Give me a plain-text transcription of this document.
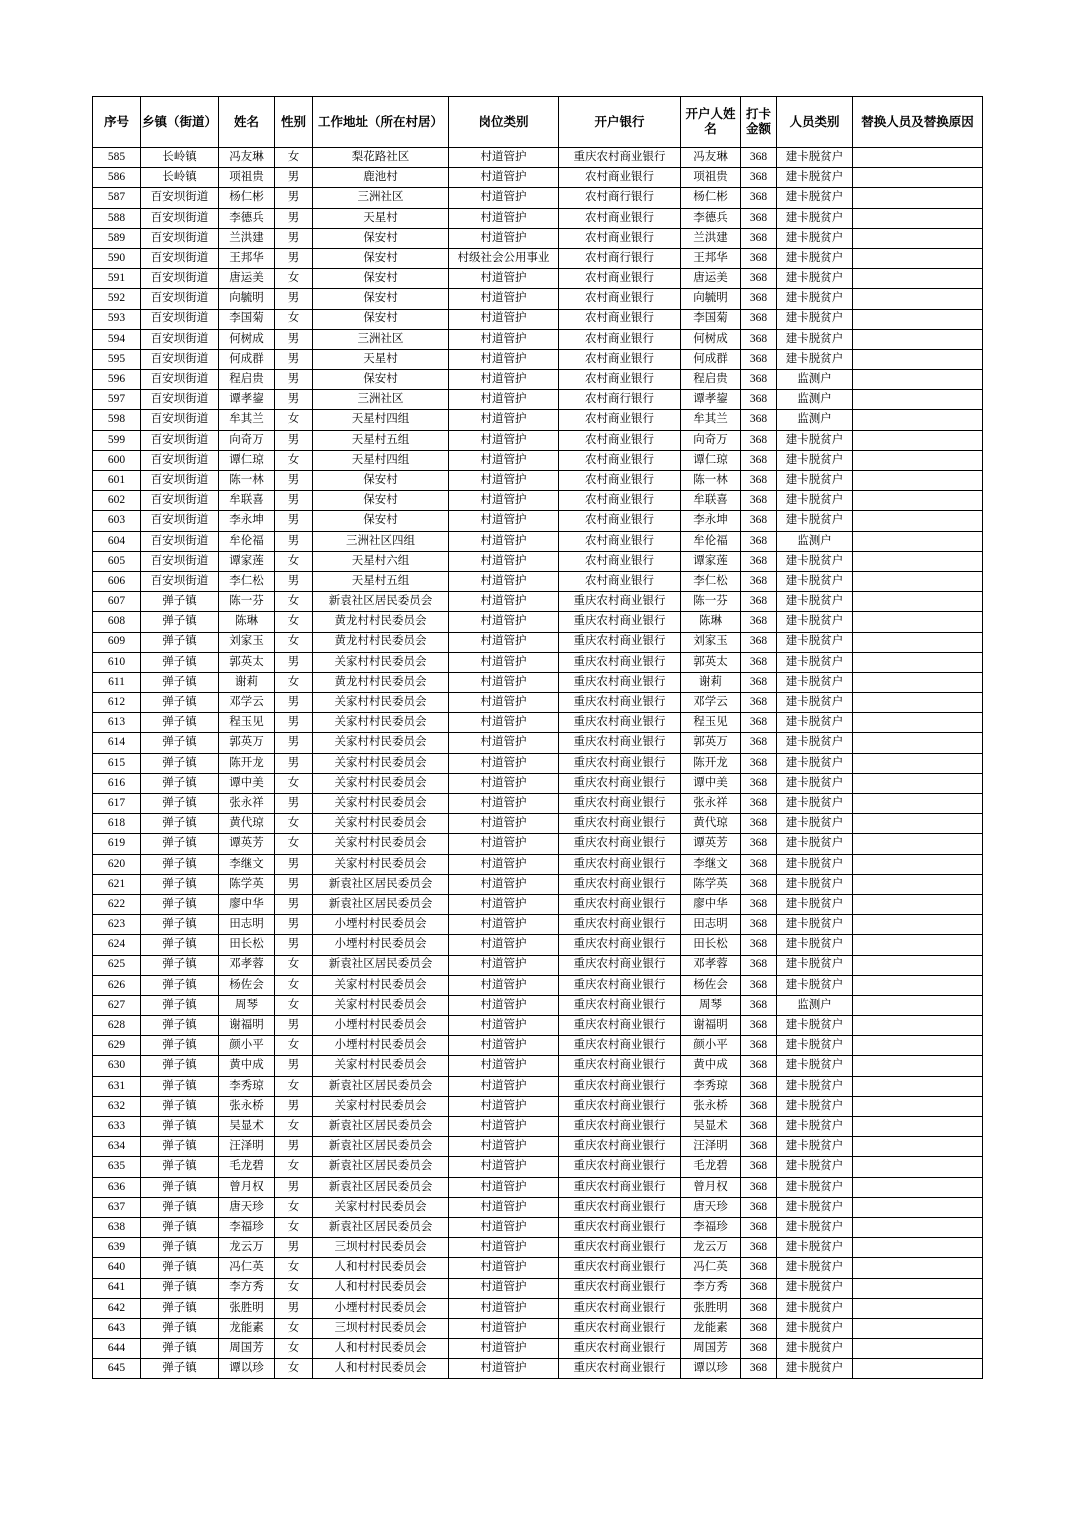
序号	乡镇（街道）	姓名	性别	工作地址（所在村居）	岗位类别	开户银行	开户人姓名	打卡金额	人员类别	替换人员及替换原因
585	长岭镇	冯友琳	女	梨花路社区	村道管护	重庆农村商业银行	冯友琳	368	建卡脱贫户	
586	长岭镇	项祖贵	男	鹿池村	村道管护	农村商业银行	项祖贵	368	建卡脱贫户	
587	百安坝街道	杨仁彬	男	三洲社区	村道管护	农村商行银行	杨仁彬	368	建卡脱贫户	
588	百安坝街道	李德兵	男	天星村	村道管护	农村商业银行	李德兵	368	建卡脱贫户	
589	百安坝街道	兰洪建	男	保安村	村道管护	农村商业银行	兰洪建	368	建卡脱贫户	
590	百安坝街道	王邦华	男	保安村	村级社会公用事业	农村商行银行	王邦华	368	建卡脱贫户	
591	百安坝街道	唐运美	女	保安村	村道管护	农村商业银行	唐运美	368	建卡脱贫户	
592	百安坝街道	向毓明	男	保安村	村道管护	农村商业银行	向毓明	368	建卡脱贫户	
593	百安坝街道	李国菊	女	保安村	村道管护	农村商业银行	李国菊	368	建卡脱贫户	
594	百安坝街道	何树成	男	三洲社区	村道管护	农村商业银行	何树成	368	建卡脱贫户	
595	百安坝街道	何成群	男	天星村	村道管护	农村商业银行	何成群	368	建卡脱贫户	
596	百安坝街道	程启贵	男	保安村	村道管护	农村商业银行	程启贵	368	监测户	
597	百安坝街道	谭孝鋆	男	三洲社区	村道管护	农村商行银行	谭孝鋆	368	监测户	
598	百安坝街道	牟其兰	女	天星村四组	村道管护	农村商业银行	牟其兰	368	监测户	
599	百安坝街道	向奇万	男	天星村五组	村道管护	农村商业银行	向奇万	368	建卡脱贫户	
600	百安坝街道	谭仁琼	女	天星村四组	村道管护	农村商业银行	谭仁琼	368	建卡脱贫户	
601	百安坝街道	陈一林	男	保安村	村道管护	农村商业银行	陈一林	368	建卡脱贫户	
602	百安坝街道	牟联喜	男	保安村	村道管护	农村商业银行	牟联喜	368	建卡脱贫户	
603	百安坝街道	李永坤	男	保安村	村道管护	农村商业银行	李永坤	368	建卡脱贫户	
604	百安坝街道	牟伦福	男	三洲社区四组	村道管护	农村商业银行	牟伦福	368	监测户	
605	百安坝街道	谭家莲	女	天星村六组	村道管护	农村商业银行	谭家莲	368	建卡脱贫户	
606	百安坝街道	李仁松	男	天星村五组	村道管护	农村商业银行	李仁松	368	建卡脱贫户	
607	弹子镇	陈一芬	女	新袁社区居民委员会	村道管护	重庆农村商业银行	陈一芬	368	建卡脱贫户	
608	弹子镇	陈琳	女	黄龙村村民委员会	村道管护	重庆农村商业银行	陈琳	368	建卡脱贫户	
609	弹子镇	刘家玉	女	黄龙村村民委员会	村道管护	重庆农村商业银行	刘家玉	368	建卡脱贫户	
610	弹子镇	郭英太	男	关家村村民委员会	村道管护	重庆农村商业银行	郭英太	368	建卡脱贫户	
611	弹子镇	谢莉	女	黄龙村村民委员会	村道管护	重庆农村商业银行	谢莉	368	建卡脱贫户	
612	弹子镇	邓学云	男	关家村村民委员会	村道管护	重庆农村商业银行	邓学云	368	建卡脱贫户	
613	弹子镇	程玉见	男	关家村村民委员会	村道管护	重庆农村商业银行	程玉见	368	建卡脱贫户	
614	弹子镇	郭英万	男	关家村村民委员会	村道管护	重庆农村商业银行	郭英万	368	建卡脱贫户	
615	弹子镇	陈开龙	男	关家村村民委员会	村道管护	重庆农村商业银行	陈开龙	368	建卡脱贫户	
616	弹子镇	谭中美	女	关家村村民委员会	村道管护	重庆农村商业银行	谭中美	368	建卡脱贫户	
617	弹子镇	张永祥	男	关家村村民委员会	村道管护	重庆农村商业银行	张永祥	368	建卡脱贫户	
618	弹子镇	黄代琼	女	关家村村民委员会	村道管护	重庆农村商业银行	黄代琼	368	建卡脱贫户	
619	弹子镇	谭英芳	女	关家村村民委员会	村道管护	重庆农村商业银行	谭英芳	368	建卡脱贫户	
620	弹子镇	李继文	男	关家村村民委员会	村道管护	重庆农村商业银行	李继文	368	建卡脱贫户	
621	弹子镇	陈学英	男	新袁社区居民委员会	村道管护	重庆农村商业银行	陈学英	368	建卡脱贫户	
622	弹子镇	廖中华	男	新袁社区居民委员会	村道管护	重庆农村商业银行	廖中华	368	建卡脱贫户	
623	弹子镇	田志明	男	小堙村村民委员会	村道管护	重庆农村商业银行	田志明	368	建卡脱贫户	
624	弹子镇	田长松	男	小堙村村民委员会	村道管护	重庆农村商业银行	田长松	368	建卡脱贫户	
625	弹子镇	邓孝蓉	女	新袁社区居民委员会	村道管护	重庆农村商业银行	邓孝蓉	368	建卡脱贫户	
626	弹子镇	杨佐会	女	关家村村民委员会	村道管护	重庆农村商业银行	杨佐会	368	建卡脱贫户	
627	弹子镇	周琴	女	关家村村民委员会	村道管护	重庆农村商业银行	周琴	368	监测户	
628	弹子镇	谢福明	男	小堙村村民委员会	村道管护	重庆农村商业银行	谢福明	368	建卡脱贫户	
629	弹子镇	颜小平	女	小堙村村民委员会	村道管护	重庆农村商业银行	颜小平	368	建卡脱贫户	
630	弹子镇	黄中成	男	关家村村民委员会	村道管护	重庆农村商业银行	黄中成	368	建卡脱贫户	
631	弹子镇	李秀琼	女	新袁社区居民委员会	村道管护	重庆农村商业银行	李秀琼	368	建卡脱贫户	
632	弹子镇	张永桥	男	关家村村民委员会	村道管护	重庆农村商业银行	张永桥	368	建卡脱贫户	
633	弹子镇	吴显术	女	新袁社区居民委员会	村道管护	重庆农村商业银行	吴显术	368	建卡脱贫户	
634	弹子镇	汪泽明	男	新袁社区居民委员会	村道管护	重庆农村商业银行	汪泽明	368	建卡脱贫户	
635	弹子镇	毛龙碧	女	新袁社区居民委员会	村道管护	重庆农村商业银行	毛龙碧	368	建卡脱贫户	
636	弹子镇	曾月权	男	新袁社区居民委员会	村道管护	重庆农村商业银行	曾月权	368	建卡脱贫户	
637	弹子镇	唐天珍	女	关家村村民委员会	村道管护	重庆农村商业银行	唐天珍	368	建卡脱贫户	
638	弹子镇	李福珍	女	新袁社区居民委员会	村道管护	重庆农村商业银行	李福珍	368	建卡脱贫户	
639	弹子镇	龙云万	男	三坝村村民委员会	村道管护	重庆农村商业银行	龙云万	368	建卡脱贫户	
640	弹子镇	冯仁英	女	人和村村民委员会	村道管护	重庆农村商业银行	冯仁英	368	建卡脱贫户	
641	弹子镇	李方秀	女	人和村村民委员会	村道管护	重庆农村商业银行	李方秀	368	建卡脱贫户	
642	弹子镇	张胜明	男	小堙村村民委员会	村道管护	重庆农村商业银行	张胜明	368	建卡脱贫户	
643	弹子镇	龙能素	女	三坝村村民委员会	村道管护	重庆农村商业银行	龙能素	368	建卡脱贫户	
644	弹子镇	周国芳	女	人和村村民委员会	村道管护	重庆农村商业银行	周国芳	368	建卡脱贫户	
645	弹子镇	谭以珍	女	人和村村民委员会	村道管护	重庆农村商业银行	谭以珍	368	建卡脱贫户	
